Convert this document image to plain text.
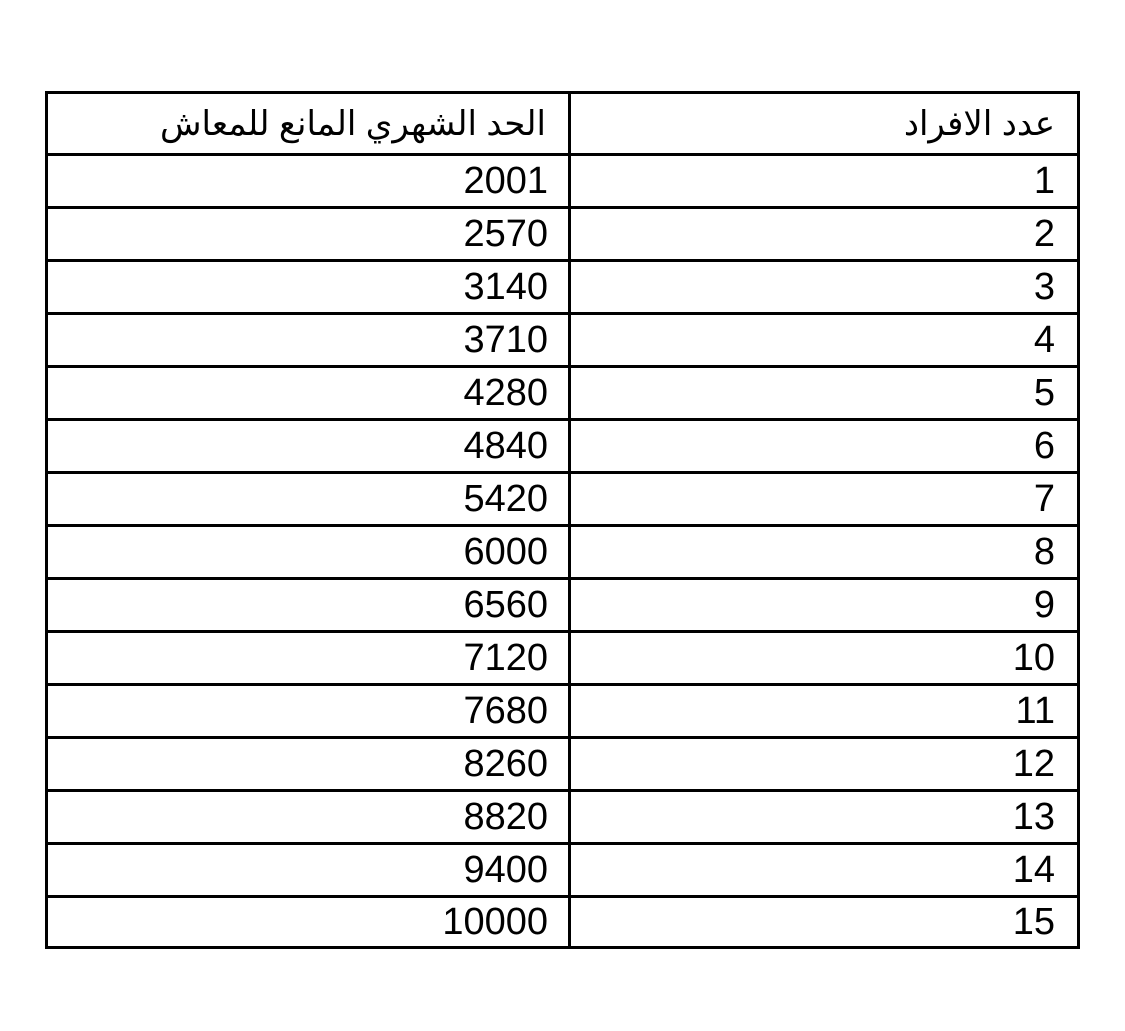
الحد الشهري المانع للمعاش	عدد الافراد
2001	1
2570	2
3140	3
3710	4
4280	5
4840	6
5420	7
6000	8
6560	9
7120	10
7680	11
8260	12
8820	13
9400	14
10000	15
